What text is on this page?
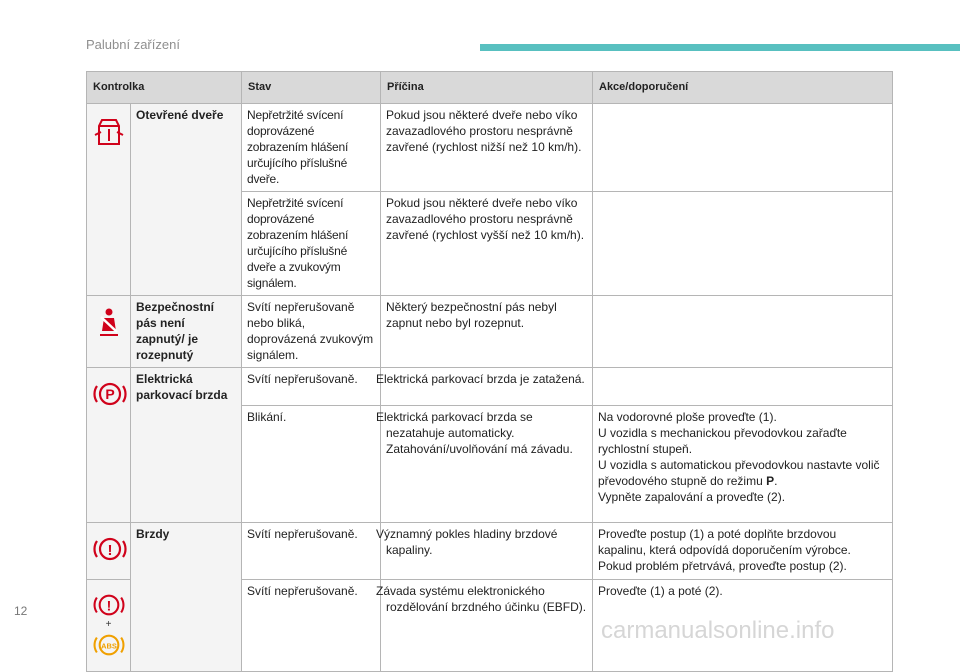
Palubní zařízení
Kontrolka		Stav	Příčina	Akce/doporučení

	Otevřené dveře	Nepřetržité svícení doprovázené zobrazením hlášení určujícího příslušné dveře.	Pokud jsou některé dveře nebo víko zavazadlového prostoru nesprávně zavřené (rychlost nižší než 10 km/h).	
		Nepřetržité svícení doprovázené zobrazením hlášení určujícího příslušné dveře a zvukovým signálem.	Pokud jsou některé dveře nebo víko zavazadlového prostoru nesprávně zavřené (rychlost vyšší než 10 km/h).	

	Bezpečnostní pás není zapnutý/ je rozepnutý	Svítí nepřerušovaně nebo bliká, doprovázená zvukovým signálem.	Některý bezpečnostní pás nebyl zapnut nebo byl rozepnut.	

P	Elektrická parkovací brzda	Svítí nepřerušovaně.	Elektrická parkovací brzda je zatažená.	
		Blikání.	Elektrická parkovací brzda se nezatahuje automaticky. Zatahování/uvolňování má závadu.	Na vodorovné ploše proveďte (1).
U vozidla s mechanickou převodovkou zařaďte rychlostní stupeň.
U vozidla s automatickou převodovkou nastavte volič převodového stupně do režimu P.
Vypněte zapalování a proveďte (2).

!	Brzdy	Svítí nepřerušovaně.	Významný pokles hladiny brzdové kapaliny.	Proveďte postup (1) a poté doplňte brzdovou kapalinu, která odpovídá doporučením výrobce. Pokud problém přetrvává, proveďte postup (2).

!
+
ABS		Svítí nepřerušovaně.	Závada systému elektronického rozdělování brzdného účinku (EBFD).	Proveďte (1) a poté (2).
12
carmanualsonline.info
